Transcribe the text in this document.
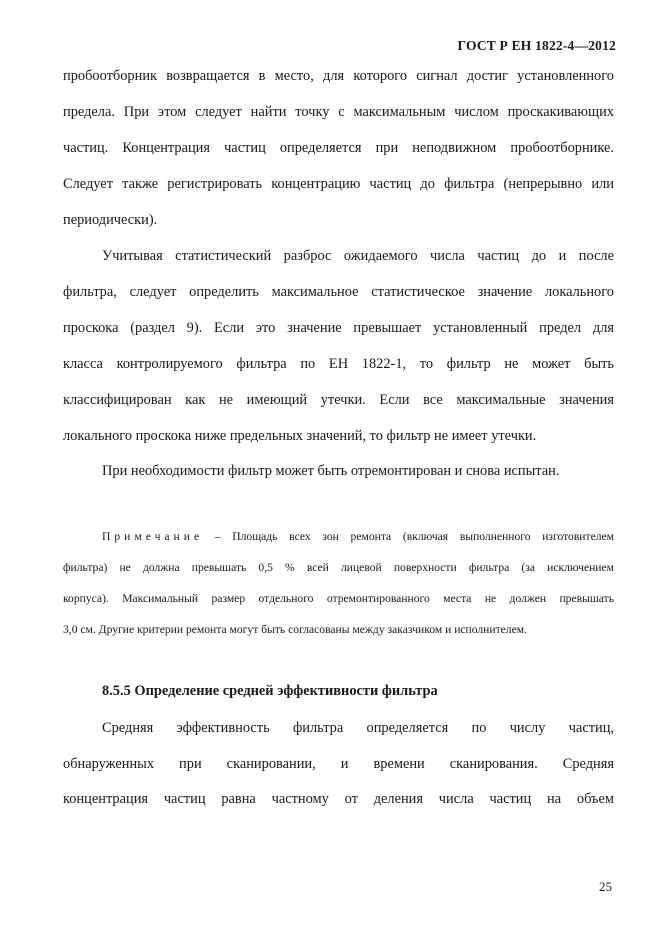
ГОСТ Р ЕН 1822-4—2012
пробоотборник возвращается в место, для которого сигнал достиг установленного
предела. При этом следует найти точку с максимальным числом проскакивающих
частиц. Концентрация частиц определяется при неподвижном пробоотборнике.
Следует также регистрировать концентрацию частиц до фильтра (непрерывно или
периодически).
Учитывая статистический разброс ожидаемого числа частиц до и после
фильтра, следует определить максимальное статистическое значение локального
проскока (раздел 9). Если это значение превышает установленный предел для
класса контролируемого фильтра по ЕН 1822-1, то фильтр не может быть
классифицирован как не имеющий утечки. Если все максимальные значения
локального проскока ниже предельных значений, то фильтр не имеет утечки.
При необходимости фильтр может быть отремонтирован и снова испытан.
Примечание – Площадь всех зон ремонта (включая выполненного изготовителем
фильтра) не должна превышать 0,5 % всей лицевой поверхности фильтра (за исключением
корпуса). Максимальный размер отдельного отремонтированного места не должен превышать
3,0 см. Другие критерии ремонта могут быть согласованы между заказчиком и исполнителем.
8.5.5 Определение средней эффективности фильтра
Средняя эффективность фильтра определяется по числу частиц,
обнаруженных при сканировании, и времени сканирования. Средняя
концентрация частиц равна частному от деления числа частиц на объем
25
